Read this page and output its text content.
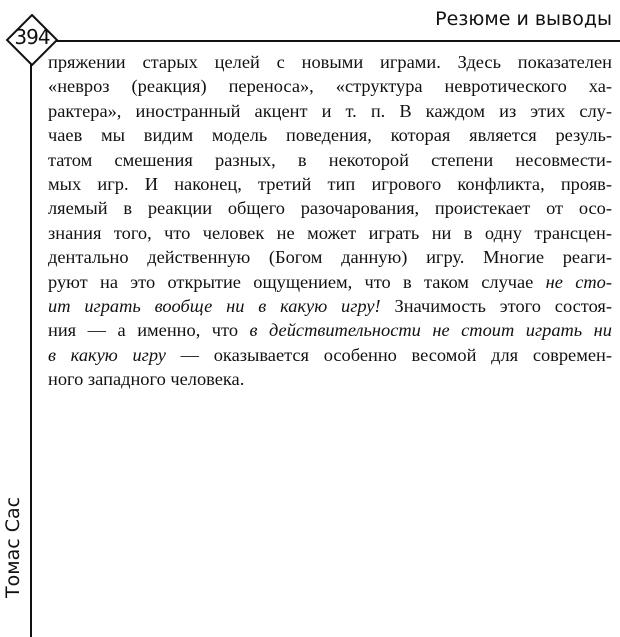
394
Резюме и выводы
Томас Сас
пряжении старых целей с новыми играми. Здесь показателен
«невроз (реакция) переноса», «структура невротического ха-
рактера», иностранный акцент и т. п. В каждом из этих слу-
чаев мы видим модель поведения, которая является резуль-
татом смешения разных, в некоторой степени несовмести-
мых игр. И наконец, третий тип игрового конфликта, прояв-
ляемый в реакции общего разочарования, проистекает от осо-
знания того, что человек не может играть ни в одну трансцен-
дентально действенную (Богом данную) игру. Многие реаги-
руют на это открытие ощущением, что в таком случае не сто-
ит играть вообще ни в какую игру! Значимость этого состоя-
ния — а именно, что в действительности не стоит играть ни
в какую игру — оказывается особенно весомой для современ-
ного западного человека.
